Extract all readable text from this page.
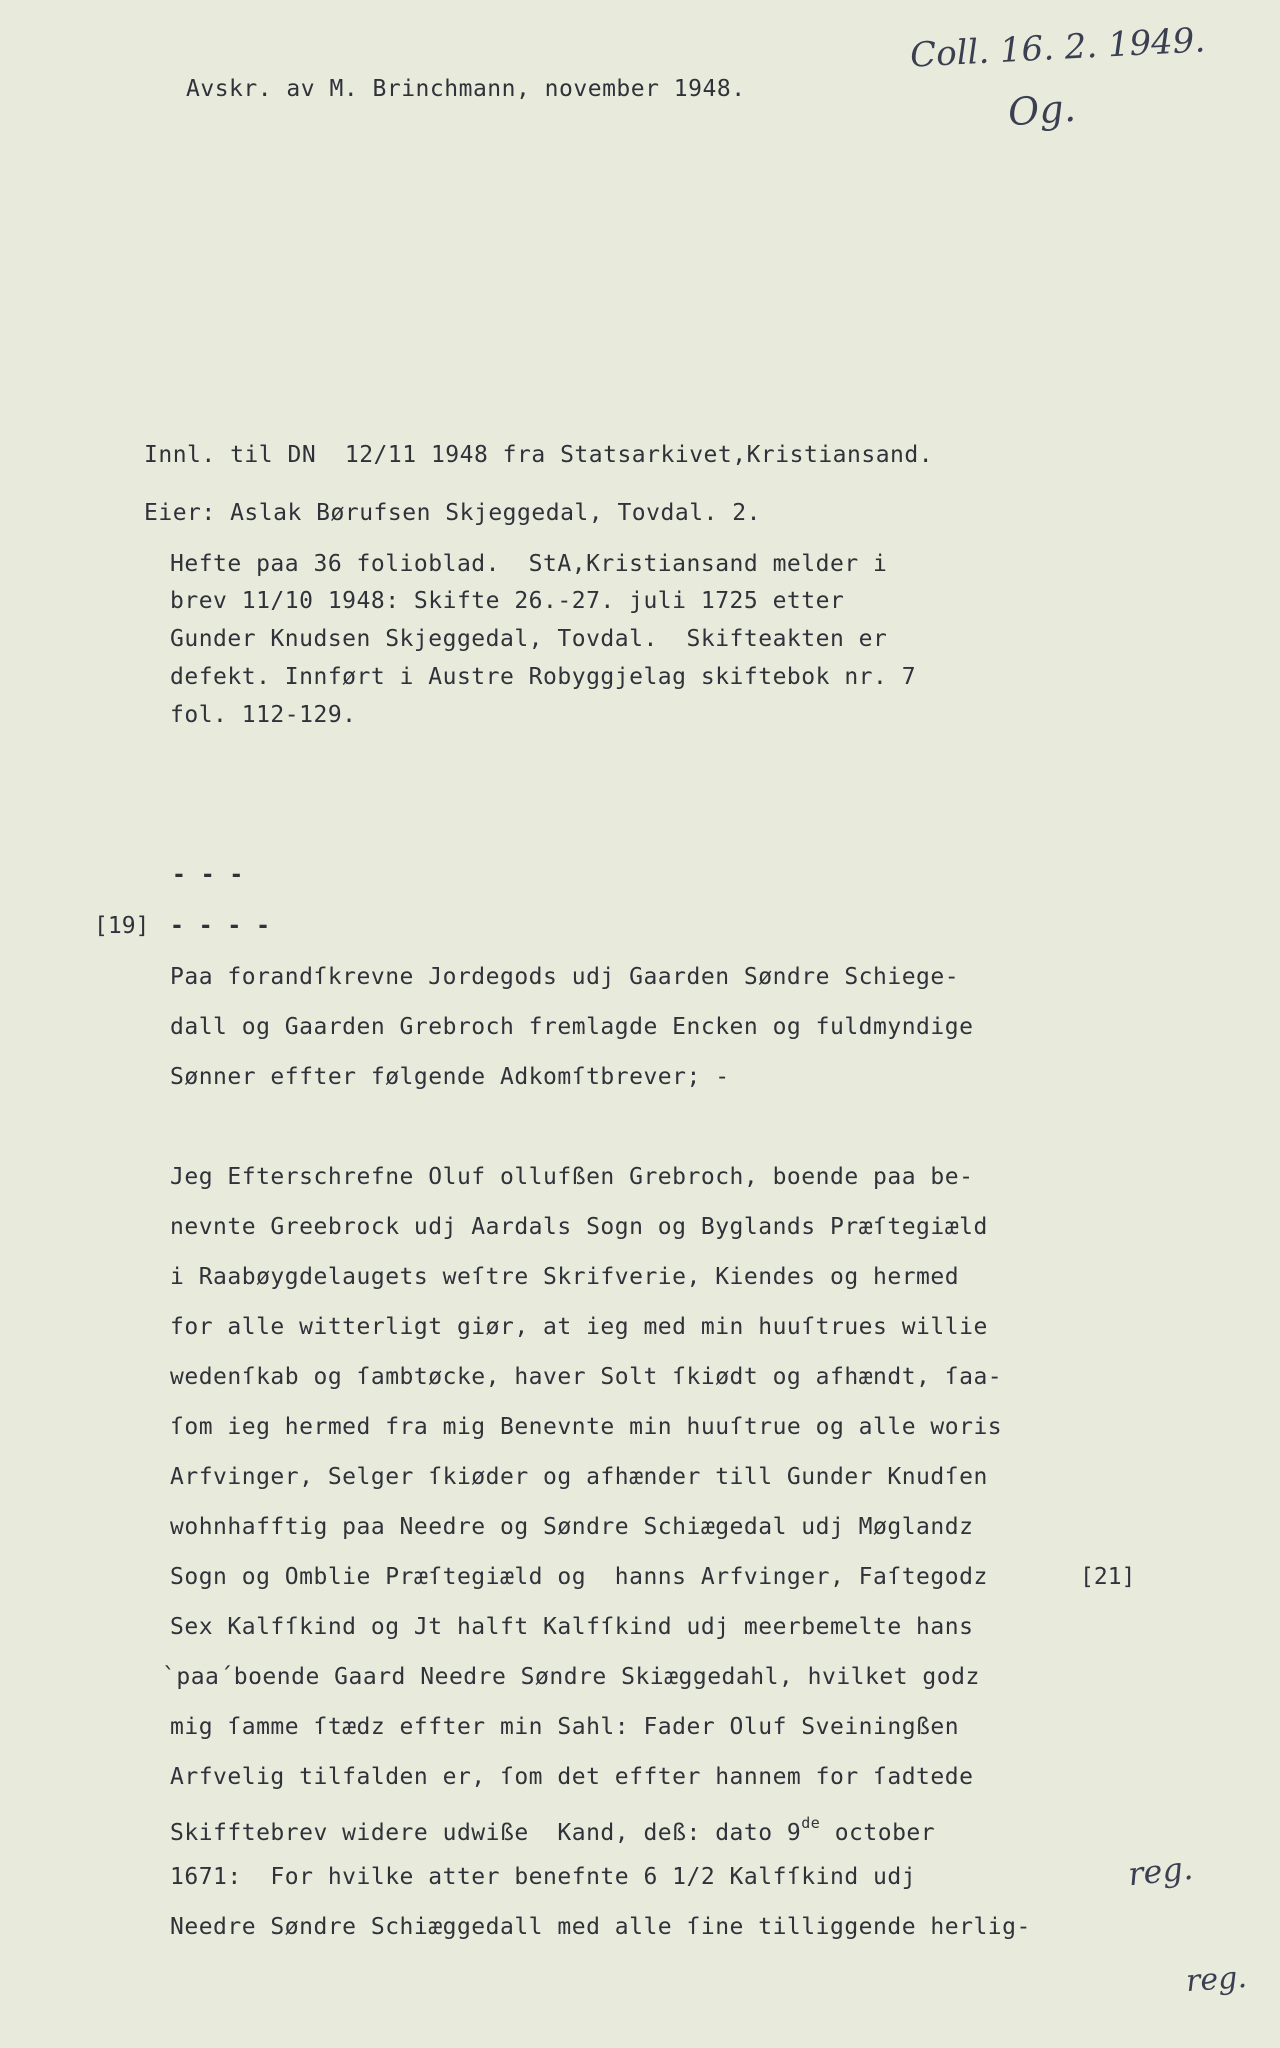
Avskr. av M. Brinchmann, november 1948.
Coll. 16. 2. 1949.
Og.
Innl. til DN  12/11 1948 fra Statsarkivet,Kristiansand.
Eier: Aslak Børufsen Skjeggedal, Tovdal. 2.
Hefte paa 36 folioblad.  StA,Kristiansand melder i
brev 11/10 1948: Skifte 26.-27. juli 1725 etter
Gunder Knudsen Skjeggedal, Tovdal.  Skifteakten er
defekt. Innført i Austre Robyggjelag skiftebok nr. 7
fol. 112-129.
- - -
[19] - - - -
Paa forandſkrevne Jordegods udj Gaarden Søndre Schiege-
dall og Gaarden Grebroch fremlagde Encken og fuldmyndige
Sønner effter følgende Adkomſtbrever; -
Jeg Efterschrefne Oluf ollufßen Grebroch, boende paa be-
nevnte Greebrock udj Aardals Sogn og Byglands Præſtegiæld
i Raabøygdelaugets weſtre Skrifverie, Kiendes og hermed
for alle witterligt giør, at ieg med min huuſtrues willie
wedenſkab og ſambtøcke, haver Solt ſkiødt og afhændt, ſaa-
ſom ieg hermed fra mig Benevnte min huuſtrue og alle woris
Arfvinger, Selger ſkiøder og afhænder till Gunder Knudſen
wohnhafftig paa Needre og Søndre Schiægedal udj Møglandz
Sogn og Omblie Præſtegiæld og  hanns Arfvinger, Faſtegodz
Sex Kalfſkind og Jt halft Kalfſkind udj meerbemelte hans
`paa´boende Gaard Needre Søndre Skiæggedahl, hvilket godz
mig ſamme ſtædz effter min Sahl: Fader Oluf Sveiningßen
Arfvelig tilfalden er, ſom det effter hannem for ſadtede
Skifftebrev widere udwiße  Kand, deß: dato 9de october
1671:  For hvilke atter benefnte 6 1/2 Kalfſkind udj
Needre Søndre Schiæggedall med alle ſine tilliggende herlig-
[21]
reg.
reg.
